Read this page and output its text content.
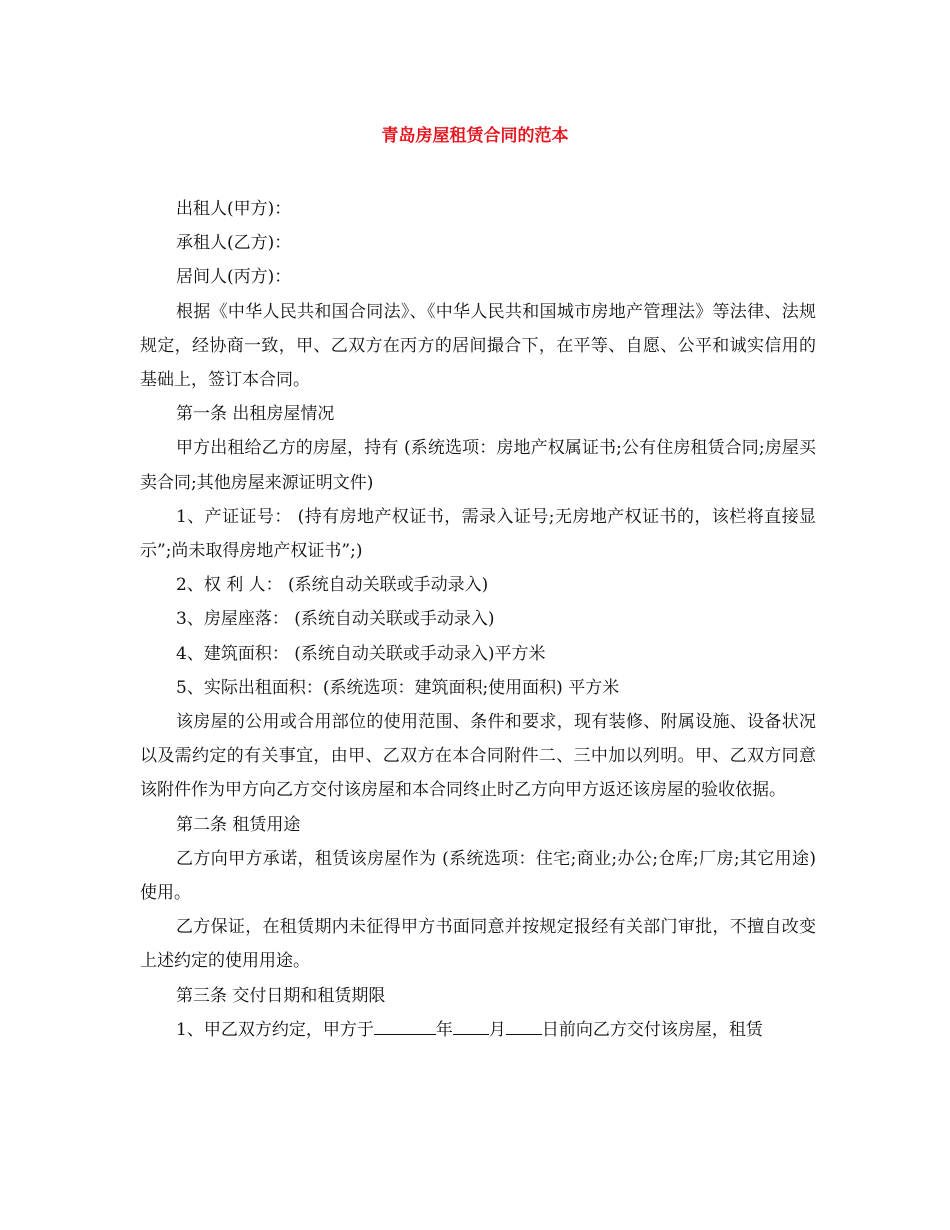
青岛房屋租赁合同的范本

出租人(甲方)：

承租人(乙方)：

居间人(丙方)：

根据《中华人民共和国合同法》、《中华人民共和国城市房地产管理法》等法律、法规规定，经协商一致，甲、乙双方在丙方的居间撮合下，在平等、自愿、公平和诚实信用的基础上，签订本合同。

第一条 出租房屋情况

甲方出租给乙方的房屋，持有 (系统选项：房地产权属证书;公有住房租赁合同;房屋买卖合同;其他房屋来源证明文件)

1、产证证号： (持有房地产权证书，需录入证号;无房地产权证书的，该栏将直接显示”;尚未取得房地产权证书”;)

2、权 利 人： (系统自动关联或手动录入)

3、房屋座落： (系统自动关联或手动录入)

4、建筑面积： (系统自动关联或手动录入)平方米

5、实际出租面积：(系统选项：建筑面积;使用面积) 平方米

该房屋的公用或合用部位的使用范围、条件和要求，现有装修、附属设施、设备状况以及需约定的有关事宜，由甲、乙双方在本合同附件二、三中加以列明。甲、乙双方同意该附件作为甲方向乙方交付该房屋和本合同终止时乙方向甲方返还该房屋的验收依据。

第二条 租赁用途

乙方向甲方承诺，租赁该房屋作为 (系统选项：住宅;商业;办公;仓库;厂房;其它用途)使用。

乙方保证，在租赁期内未征得甲方书面同意并按规定报经有关部门审批，不擅自改变上述约定的使用用途。

第三条 交付日期和租赁期限

1、甲乙双方约定，甲方于	年 月 日前向乙方交付该房屋，租赁
